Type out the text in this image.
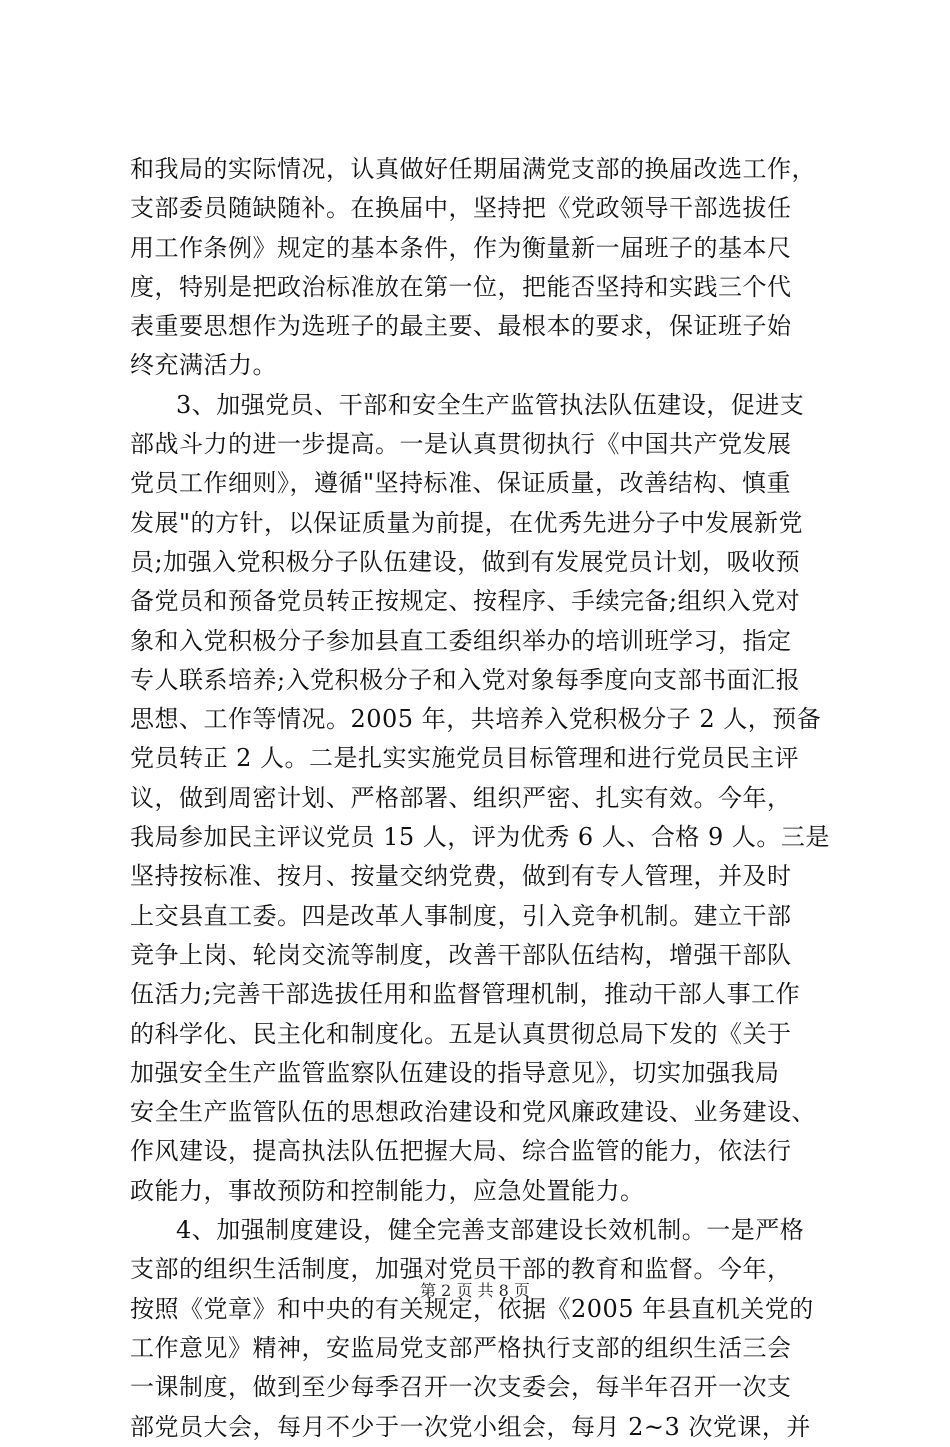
和我局的实际情况，认真做好任期届满党支部的换届改选工作，
支部委员随缺随补。在换届中，坚持把《党政领导干部选拔任
用工作条例》规定的基本条件，作为衡量新一届班子的基本尺
度，特别是把政治标准放在第一位，把能否坚持和实践三个代
表重要思想作为选班子的最主要、最根本的要求，保证班子始
终充满活力。
3、加强党员、干部和安全生产监管执法队伍建设，促进支
部战斗力的进一步提高。一是认真贯彻执行《中国共产党发展
党员工作细则》，遵循"坚持标准、保证质量，改善结构、慎重
发展"的方针，以保证质量为前提，在优秀先进分子中发展新党
员;加强入党积极分子队伍建设，做到有发展党员计划，吸收预
备党员和预备党员转正按规定、按程序、手续完备;组织入党对
象和入党积极分子参加县直工委组织举办的培训班学习，指定
专人联系培养;入党积极分子和入党对象每季度向支部书面汇报
思想、工作等情况。2005 年，共培养入党积极分子 2 人，预备
党员转正 2 人。二是扎实实施党员目标管理和进行党员民主评
议，做到周密计划、严格部署、组织严密、扎实有效。今年，
我局参加民主评议党员 15 人，评为优秀 6 人、合格 9 人。三是
坚持按标准、按月、按量交纳党费，做到有专人管理，并及时
上交县直工委。四是改革人事制度，引入竞争机制。建立干部
竞争上岗、轮岗交流等制度，改善干部队伍结构，增强干部队
伍活力;完善干部选拔任用和监督管理机制，推动干部人事工作
的科学化、民主化和制度化。五是认真贯彻总局下发的《关于
加强安全生产监管监察队伍建设的指导意见》，切实加强我局
安全生产监管队伍的思想政治建设和党风廉政建设、业务建设、
作风建设，提高执法队伍把握大局、综合监管的能力，依法行
政能力，事故预防和控制能力，应急处置能力。
4、加强制度建设，健全完善支部建设长效机制。一是严格
支部的组织生活制度，加强对党员干部的教育和监督。今年，
按照《党章》和中央的有关规定，依据《2005 年县直机关党的
工作意见》精神，安监局党支部严格执行支部的组织生活三会
一课制度，做到至少每季召开一次支委会，每半年召开一次支
部党员大会，每月不少于一次党小组会，每月 2~3 次党课，并
第 2 页 共 8 页
